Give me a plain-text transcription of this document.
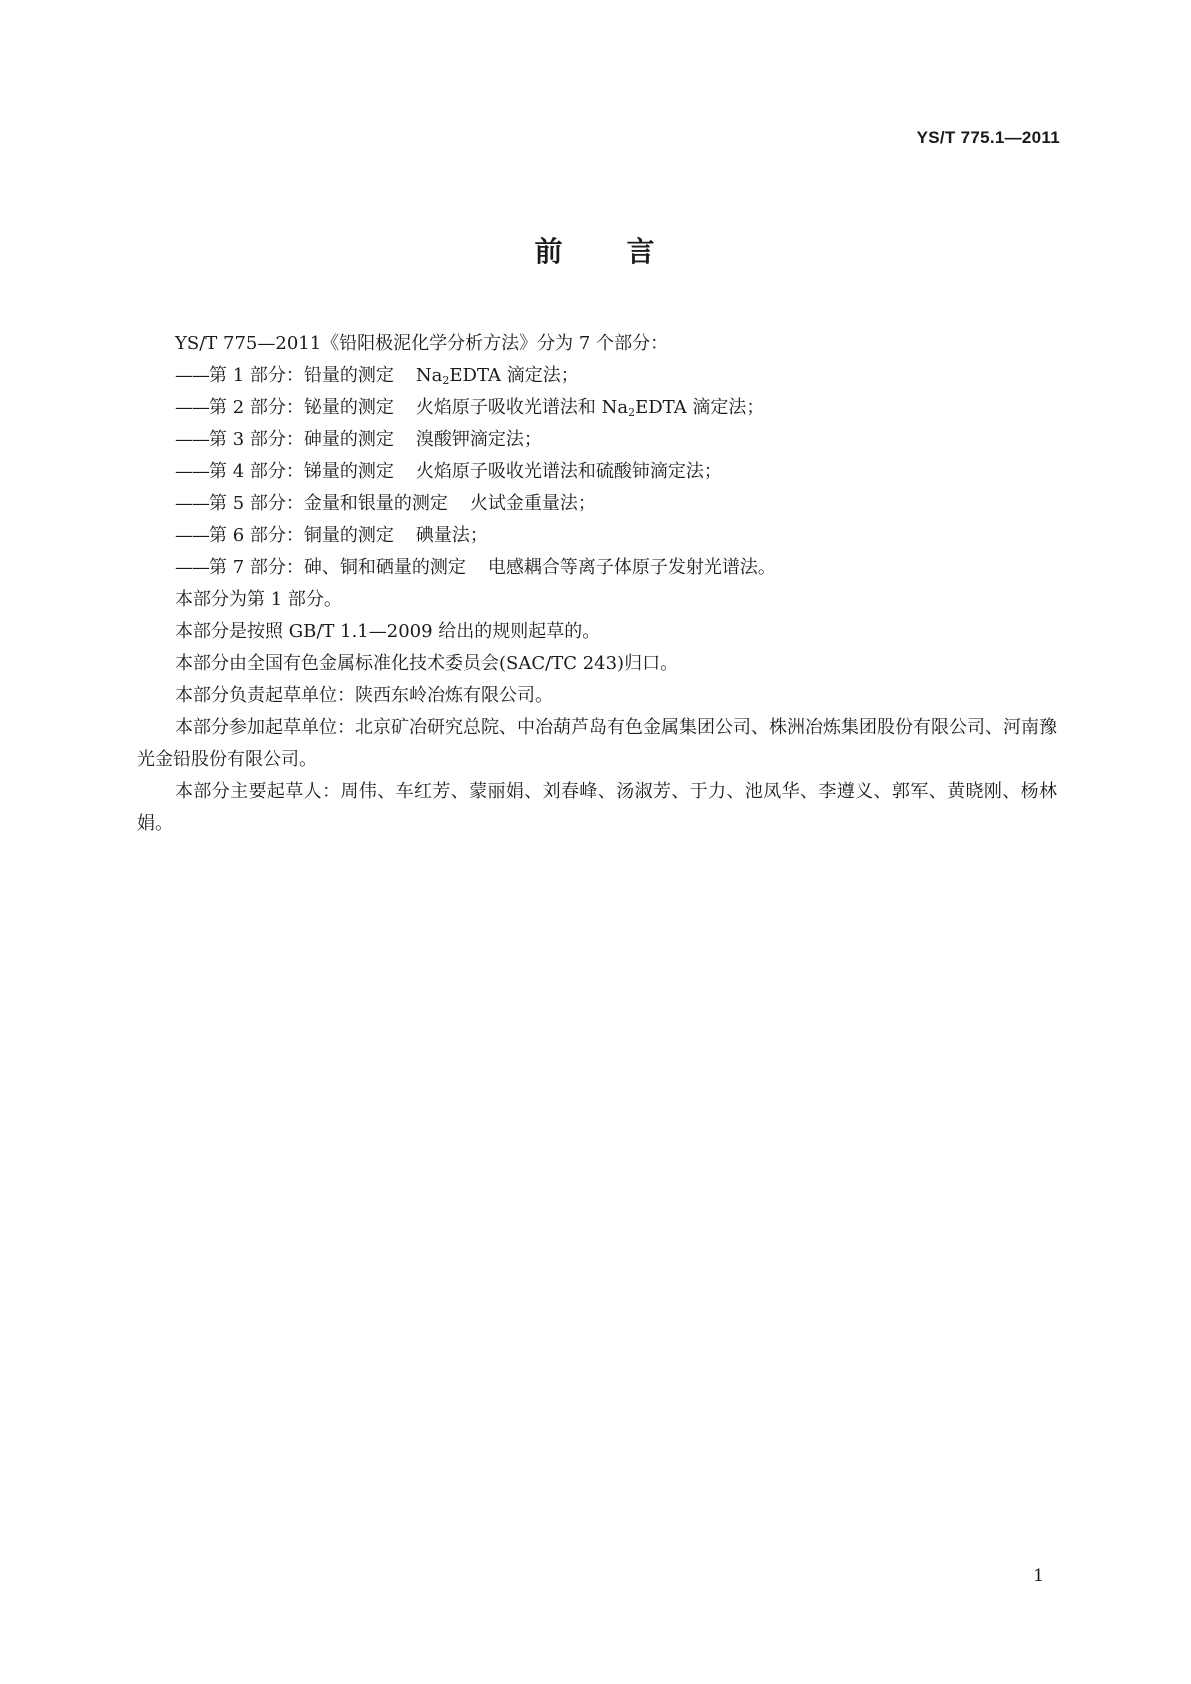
YS/T 775.1—2011
前 言

YS/T 775—2011《铅阳极泥化学分析方法》分为 7 个部分：

——第 1 部分：铅量的测定 $Na_2EDTA$ 滴定法；

——第 2 部分：铋量的测定 火焰原子吸收光谱法和 $Na_2EDTA$ 滴定法；

——第 3 部分：砷量的测定 溴酸钾滴定法；

——第 4 部分：锑量的测定 火焰原子吸收光谱法和硫酸铈滴定法；

——第 5 部分：金量和银量的测定 火试金重量法；

——第 6 部分：铜量的测定 碘量法；

——第 7 部分：砷、铜和硒量的测定 电感耦合等离子体原子发射光谱法。

本部分为第 1 部分。

本部分是按照 GB/T 1.1—2009 给出的规则起草的。

本部分由全国有色金属标准化技术委员会(SAC/TC 243)归口。

本部分负责起草单位：陕西东岭冶炼有限公司。

本部分参加起草单位：北京矿冶研究总院、中冶葫芦岛有色金属集团公司、株洲冶炼集团股份有限公司、河南豫光金铅股份有限公司。

本部分主要起草人：周伟、车红芳、蒙丽娟、刘春峰、汤淑芳、于力、池凤华、李遵义、郭军、黄晓刚、杨林娟。

1
